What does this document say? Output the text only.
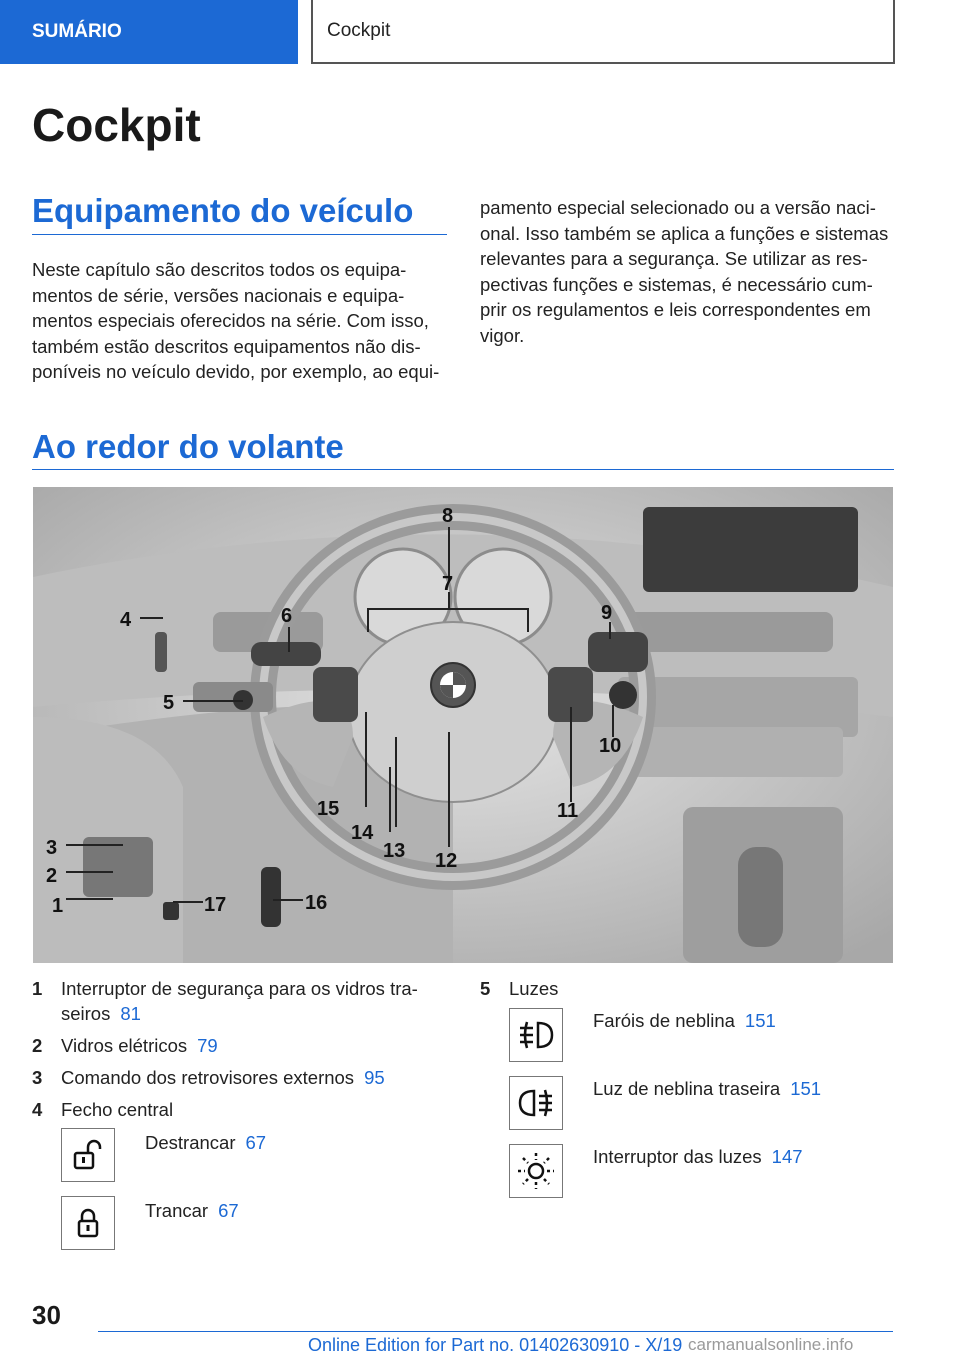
SUMÁRIO	Cockpit
Cockpit
Equipamento do veículo

Neste capítulo são descritos todos os equipa-
mentos de série, versões nacionais e equipa-
mentos especiais oferecidos na série. Com isso,
também estão descritos equipamentos não dis-
poníveis no veículo devido, por exemplo, ao equi-

pamento especial selecionado ou a versão naci-
onal. Isso também se aplica a funções e sistemas
relevantes para a segurança. Se utilizar as res-
pectivas funções e sistemas, é necessário cum-
prir os regulamentos e leis correspondentes em
vigor.

Ao redor do volante
1
2
3
4
5
6
7
8
9
10
11
12
13
14
15
16
17
1 Interruptor de segurança para os vidros tra-
seiros 81
2 Vidros elétricos 79
3 Comando dos retrovisores externos 95
4 Fecho central
Destrancar 67
Trancar 67
5 Luzes
Faróis de neblina 151
Luz de neblina traseira 151
Interruptor das luzes 147
30
Online Edition for Part no. 01402630910 - X/19 carmanualsonline.info
